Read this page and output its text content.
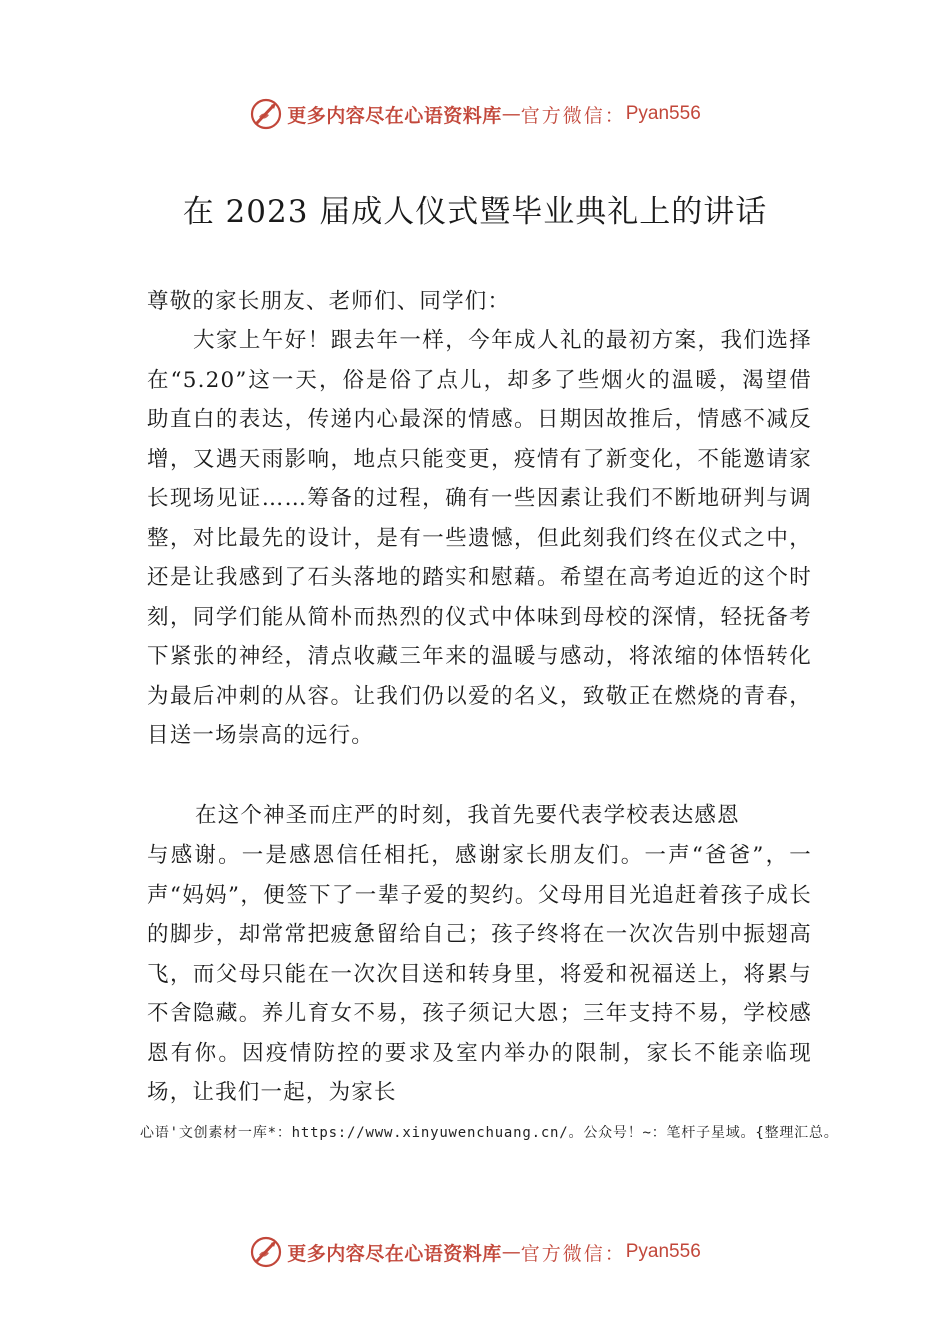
更多内容尽在心语资料库 — 官方微信： Pyan556
在 2023 届成人仪式暨毕业典礼上的讲话
尊敬的家长朋友、老师们、同学们：
大家上午好！跟去年一样，今年成人礼的最初方案，我们选择在“5.20”这一天，俗是俗了点儿，却多了些烟火的温暖，渴望借助直白的表达，传递内心最深的情感。日期因故推后，情感不减反增，又遇天雨影响，地点只能变更，疫情有了新变化，不能邀请家长现场见证……筹备的过程，确有一些因素让我们不断地研判与调整，对比最先的设计，是有一些遗憾，但此刻我们终在仪式之中，还是让我感到了石头落地的踏实和慰藉。希望在高考迫近的这个时刻，同学们能从简朴而热烈的仪式中体味到母校的深情，轻抚备考下紧张的神经，清点收藏三年来的温暖与感动，将浓缩的体悟转化为最后冲刺的从容。让我们仍以爱的名义，致敬正在燃烧的青春，目送一场崇高的远行。
在这个神圣而庄严的时刻，我首先要代表学校表达感恩
与感谢。一是感恩信任相托，感谢家长朋友们。一声“爸爸”，一声“妈妈”，便签下了一辈子爱的契约。父母用目光追赶着孩子成长的脚步，却常常把疲惫留给自己；孩子终将在一次次告别中振翅高飞，而父母只能在一次次目送和转身里，将爱和祝福送上，将累与不舍隐藏。养儿育女不易，孩子须记大恩；三年支持不易，学校感恩有你。因疫情防控的要求及室内举办的限制，家长不能亲临现场，让我们一起，为家长
心语'文创素材一库*：https://www.xinyuwenchuang.cn/。公众号！~：笔杆子星域。{整理汇总。
更多内容尽在心语资料库 — 官方微信： Pyan556
